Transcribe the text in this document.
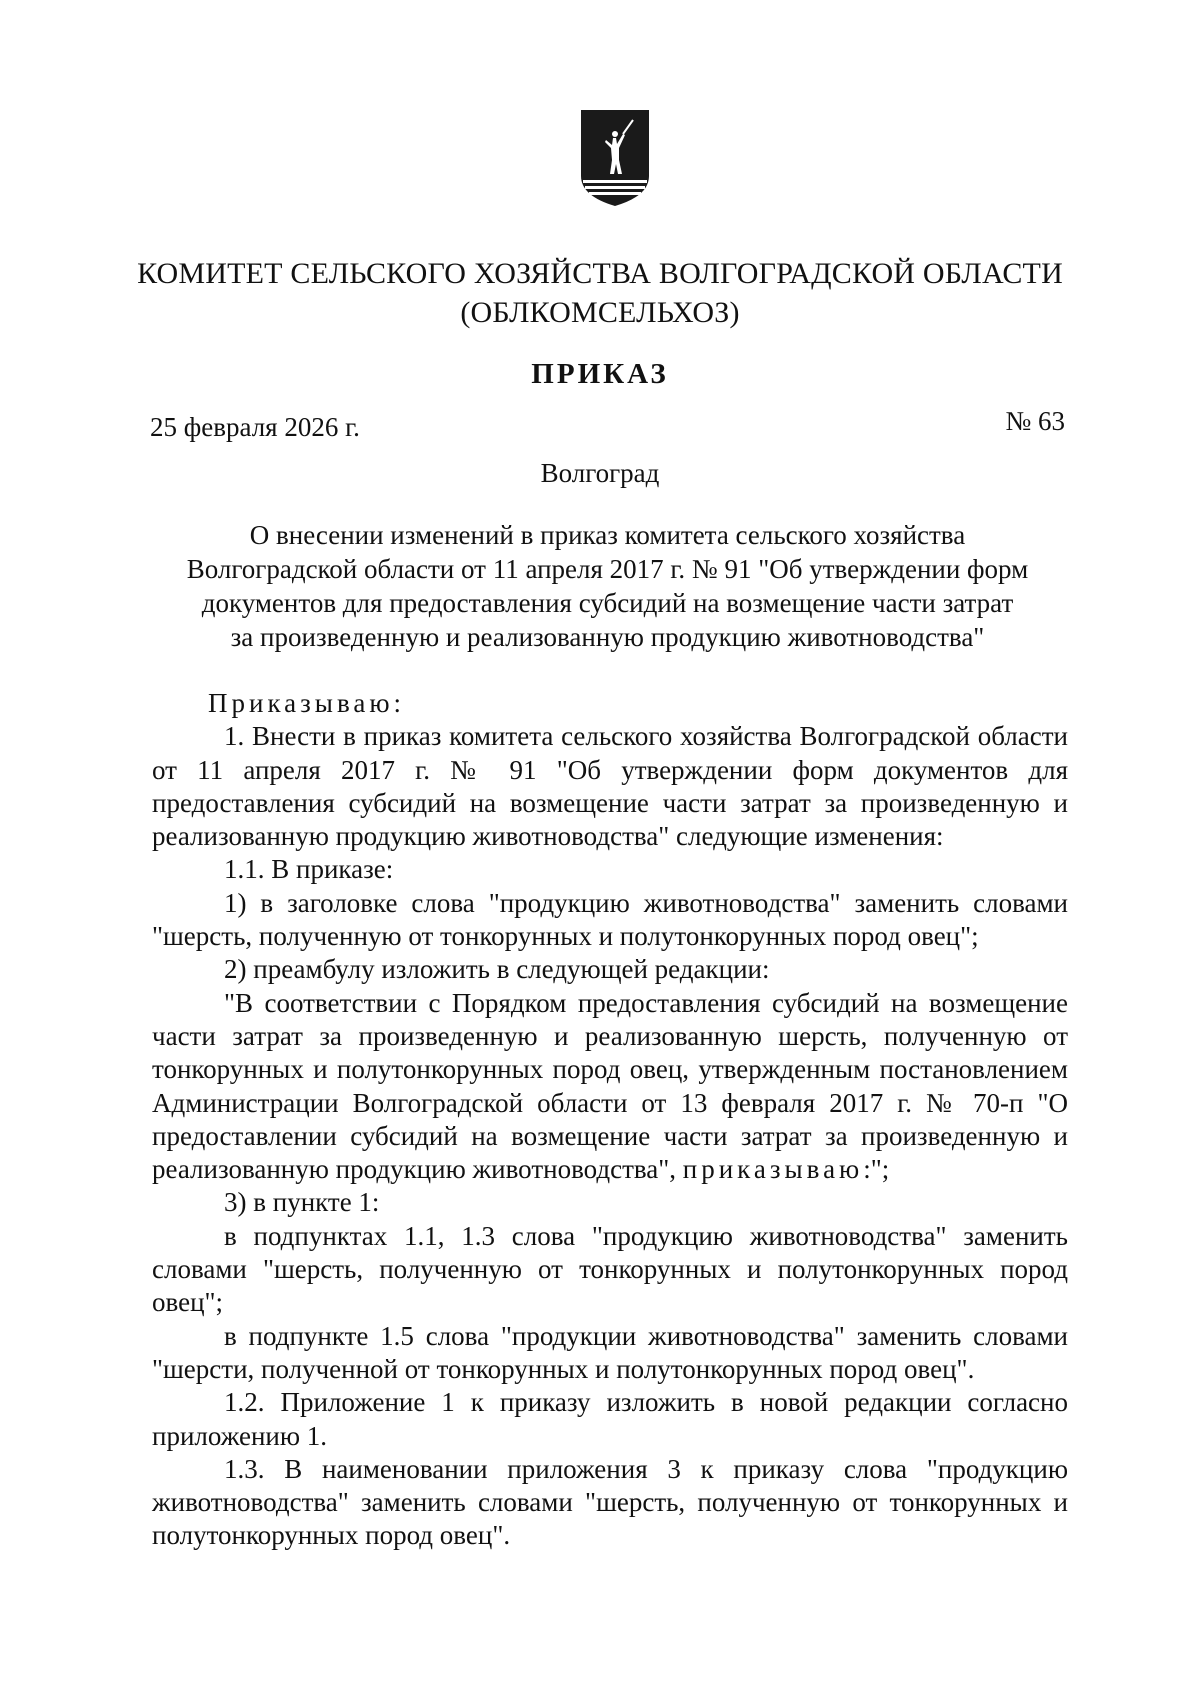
КОМИТЕТ СЕЛЬСКОГО ХОЗЯЙСТВА ВОЛГОГРАДСКОЙ ОБЛАСТИ
(ОБЛКОМСЕЛЬХОЗ)
ПРИКАЗ
25 февраля 2026 г.	№ 63
Волгоград
О внесении изменений в приказ комитета сельского хозяйства
Волгоградской области от 11 апреля 2017 г. № 91 "Об утверждении форм
документов для предоставления субсидий на возмещение части затрат
за произведенную и реализованную продукцию животноводства"

Приказываю:

1. Внести в приказ комитета сельского хозяйства Волгоградской области от 11 апреля 2017 г. № 91 "Об утверждении форм документов для предоставления субсидий на возмещение части затрат за произведенную и реализованную продукцию животноводства" следующие изменения:

1.1. В приказе:

1) в заголовке слова "продукцию животноводства" заменить словами "шерсть, полученную от тонкорунных и полутонкорунных пород овец";

2) преамбулу изложить в следующей редакции:

"В соответствии с Порядком предоставления субсидий на возмещение части затрат за произведенную и реализованную шерсть, полученную от тонкорунных и полутонкорунных пород овец, утвержденным постановлением Администрации Волгоградской области от 13 февраля 2017 г. № 70-п "О предоставлении субсидий на возмещение части затрат за произведенную и реализованную продукцию животноводства", приказываю:";

3) в пункте 1:

в подпунктах 1.1, 1.3 слова "продукцию животноводства" заменить словами "шерсть, полученную от тонкорунных и полутонкорунных пород овец";

в подпункте 1.5 слова "продукции животноводства" заменить словами "шерсти, полученной от тонкорунных и полутонкорунных пород овец".

1.2. Приложение 1 к приказу изложить в новой редакции согласно приложению 1.

1.3. В наименовании приложения 3 к приказу слова "продукцию животноводства" заменить словами "шерсть, полученную от тонкорунных и полутонкорунных пород овец".
